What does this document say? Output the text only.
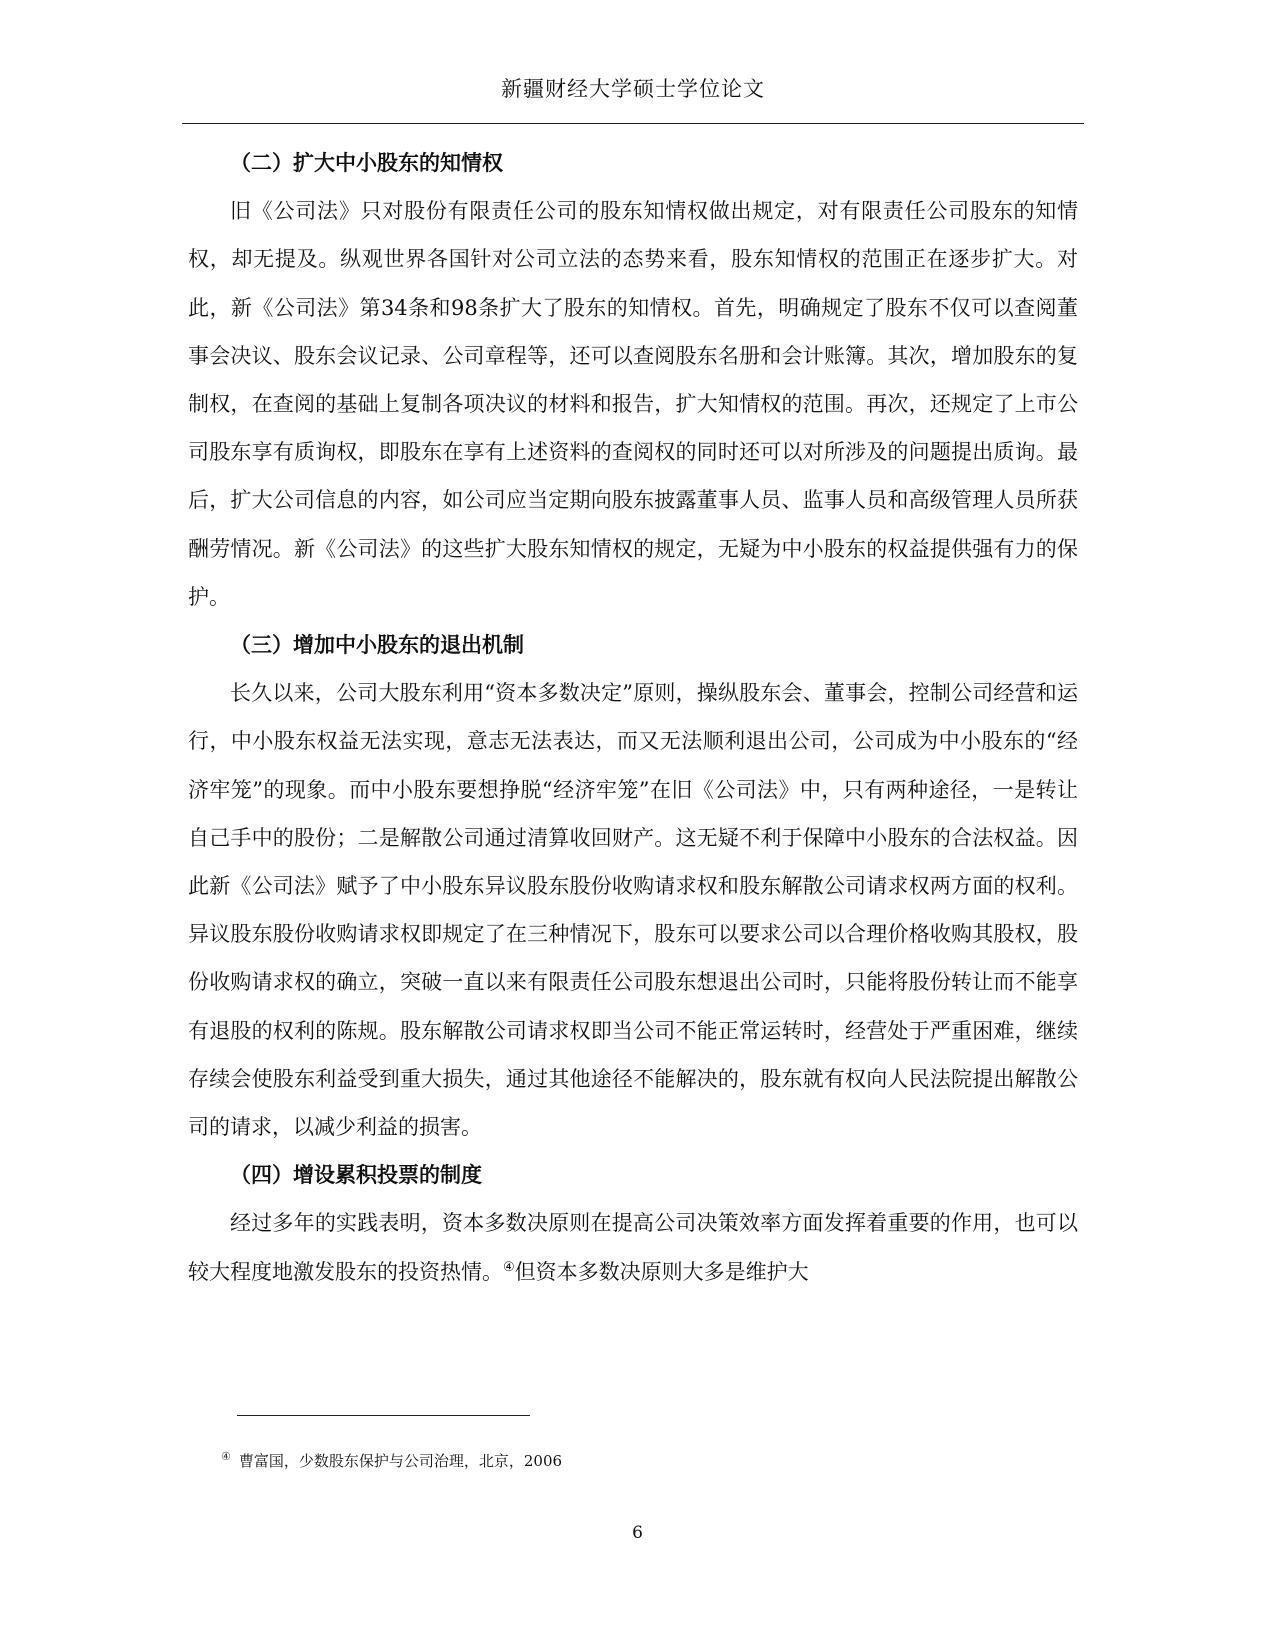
新疆财经大学硕士学位论文
（二）扩大中小股东的知情权

旧《公司法》只对股份有限责任公司的股东知情权做出规定，对有限责任公司股东的知情权，却无提及。纵观世界各国针对公司立法的态势来看，股东知情权的范围正在逐步扩大。对此，新《公司法》第34条和98条扩大了股东的知情权。首先，明确规定了股东不仅可以查阅董事会决议、股东会议记录、公司章程等，还可以查阅股东名册和会计账簿。其次，增加股东的复制权，在查阅的基础上复制各项决议的材料和报告，扩大知情权的范围。再次，还规定了上市公司股东享有质询权，即股东在享有上述资料的查阅权的同时还可以对所涉及的问题提出质询。最后，扩大公司信息的内容，如公司应当定期向股东披露董事人员、监事人员和高级管理人员所获酬劳情况。新《公司法》的这些扩大股东知情权的规定，无疑为中小股东的权益提供强有力的保护。

（三）增加中小股东的退出机制

长久以来，公司大股东利用“资本多数决定”原则，操纵股东会、董事会，控制公司经营和运行，中小股东权益无法实现，意志无法表达，而又无法顺利退出公司，公司成为中小股东的“经济牢笼”的现象。而中小股东要想挣脱“经济牢笼”在旧《公司法》中，只有两种途径，一是转让自己手中的股份；二是解散公司通过清算收回财产。这无疑不利于保障中小股东的合法权益。因此新《公司法》赋予了中小股东异议股东股份收购请求权和股东解散公司请求权两方面的权利。异议股东股份收购请求权即规定了在三种情况下，股东可以要求公司以合理价格收购其股权，股份收购请求权的确立，突破一直以来有限责任公司股东想退出公司时，只能将股份转让而不能享有退股的权利的陈规。股东解散公司请求权即当公司不能正常运转时，经营处于严重困难，继续存续会使股东利益受到重大损失，通过其他途径不能解决的，股东就有权向人民法院提出解散公司的请求，以减少利益的损害。

（四）增设累积投票的制度

经过多年的实践表明，资本多数决原则在提高公司决策效率方面发挥着重要的作用，也可以较大程度地激发股东的投资热情。④但资本多数决原则大多是维护大

④ 曹富国，少数股东保护与公司治理，北京，2006
6
